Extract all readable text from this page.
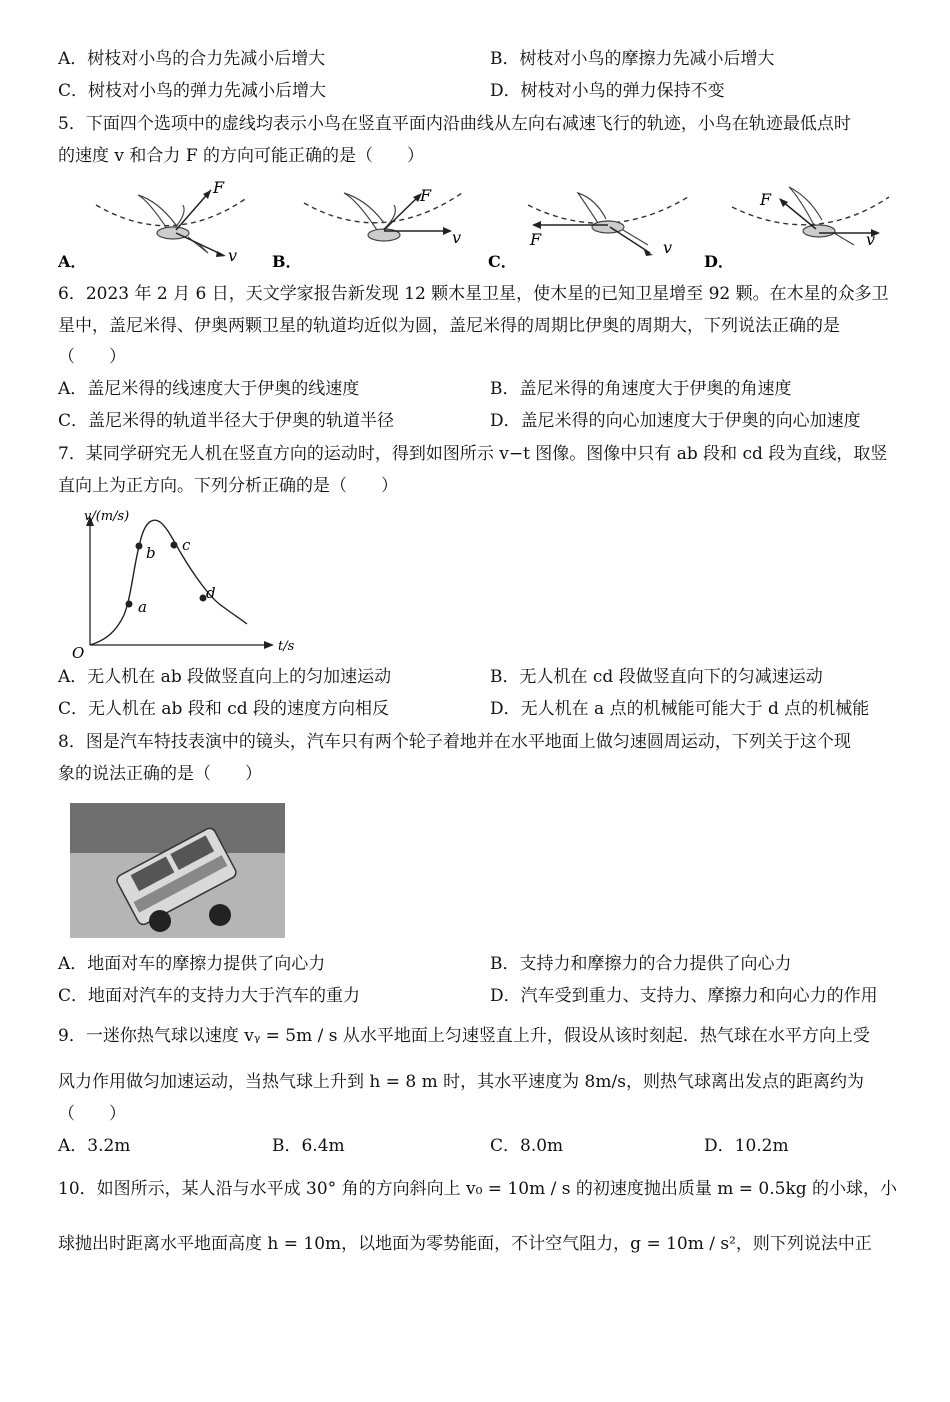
A．树枝对小鸟的合力先减小后增大	B．树枝对小鸟的摩擦力先减小后增大
C．树枝对小鸟的弹力先减小后增大	D．树枝对小鸟的弹力保持不变
5．下面四个选项中的虚线均表示小鸟在竖直平面内沿曲线从左向右减速飞行的轨迹，小鸟在轨迹最低点时
的速度 v 和合力 F 的方向可能正确的是（　　）
F
v
A．
F
v
B．
F	v
C．
F
v
D．
6．2023 年 2 月 6 日，天文学家报告新发现 12 颗木星卫星，使木星的已知卫星增至 92 颗。在木星的众多卫
星中，盖尼米得、伊奥两颗卫星的轨道均近似为圆，盖尼米得的周期比伊奥的周期大，下列说法正确的是
（　　）
A．盖尼米得的线速度大于伊奥的线速度	B．盖尼米得的角速度大于伊奥的角速度
C．盖尼米得的轨道半径大于伊奥的轨道半径	D．盖尼米得的向心加速度大于伊奥的向心加速度
7．某同学研究无人机在竖直方向的运动时，得到如图所示 v−t 图像。图像中只有 ab 段和 cd 段为直线，取竖
直向上为正方向。下列分析正确的是（　　）
v/(m/s)
t/s
O
a
b c
d
A．无人机在 ab 段做竖直向上的匀加速运动	B．无人机在 cd 段做竖直向下的匀减速运动
C．无人机在 ab 段和 cd 段的速度方向相反	D．无人机在 a 点的机械能可能大于 d 点的机械能
8．图是汽车特技表演中的镜头，汽车只有两个轮子着地并在水平地面上做匀速圆周运动，下列关于这个现
象的说法正确的是（　　）
A．地面对车的摩擦力提供了向心力	B．支持力和摩擦力的合力提供了向心力
C．地面对汽车的支持力大于汽车的重力	D．汽车受到重力、支持力、摩擦力和向心力的作用
9．一迷你热气球以速度 vᵧ = 5m / s 从水平地面上匀速竖直上升，假设从该时刻起．热气球在水平方向上受
风力作用做匀加速运动，当热气球上升到 h = 8 m 时，其水平速度为 8m/s，则热气球离出发点的距离约为
（　　）
A．3.2m	B．6.4m	C．8.0m	D．10.2m
10．如图所示，某人沿与水平成 30° 角的方向斜向上 v₀ = 10m / s 的初速度抛出质量 m = 0.5kg 的小球，小
球抛出时距离水平地面高度 h = 10m，以地面为零势能面，不计空气阻力，g = 10m / s²，则下列说法中正
